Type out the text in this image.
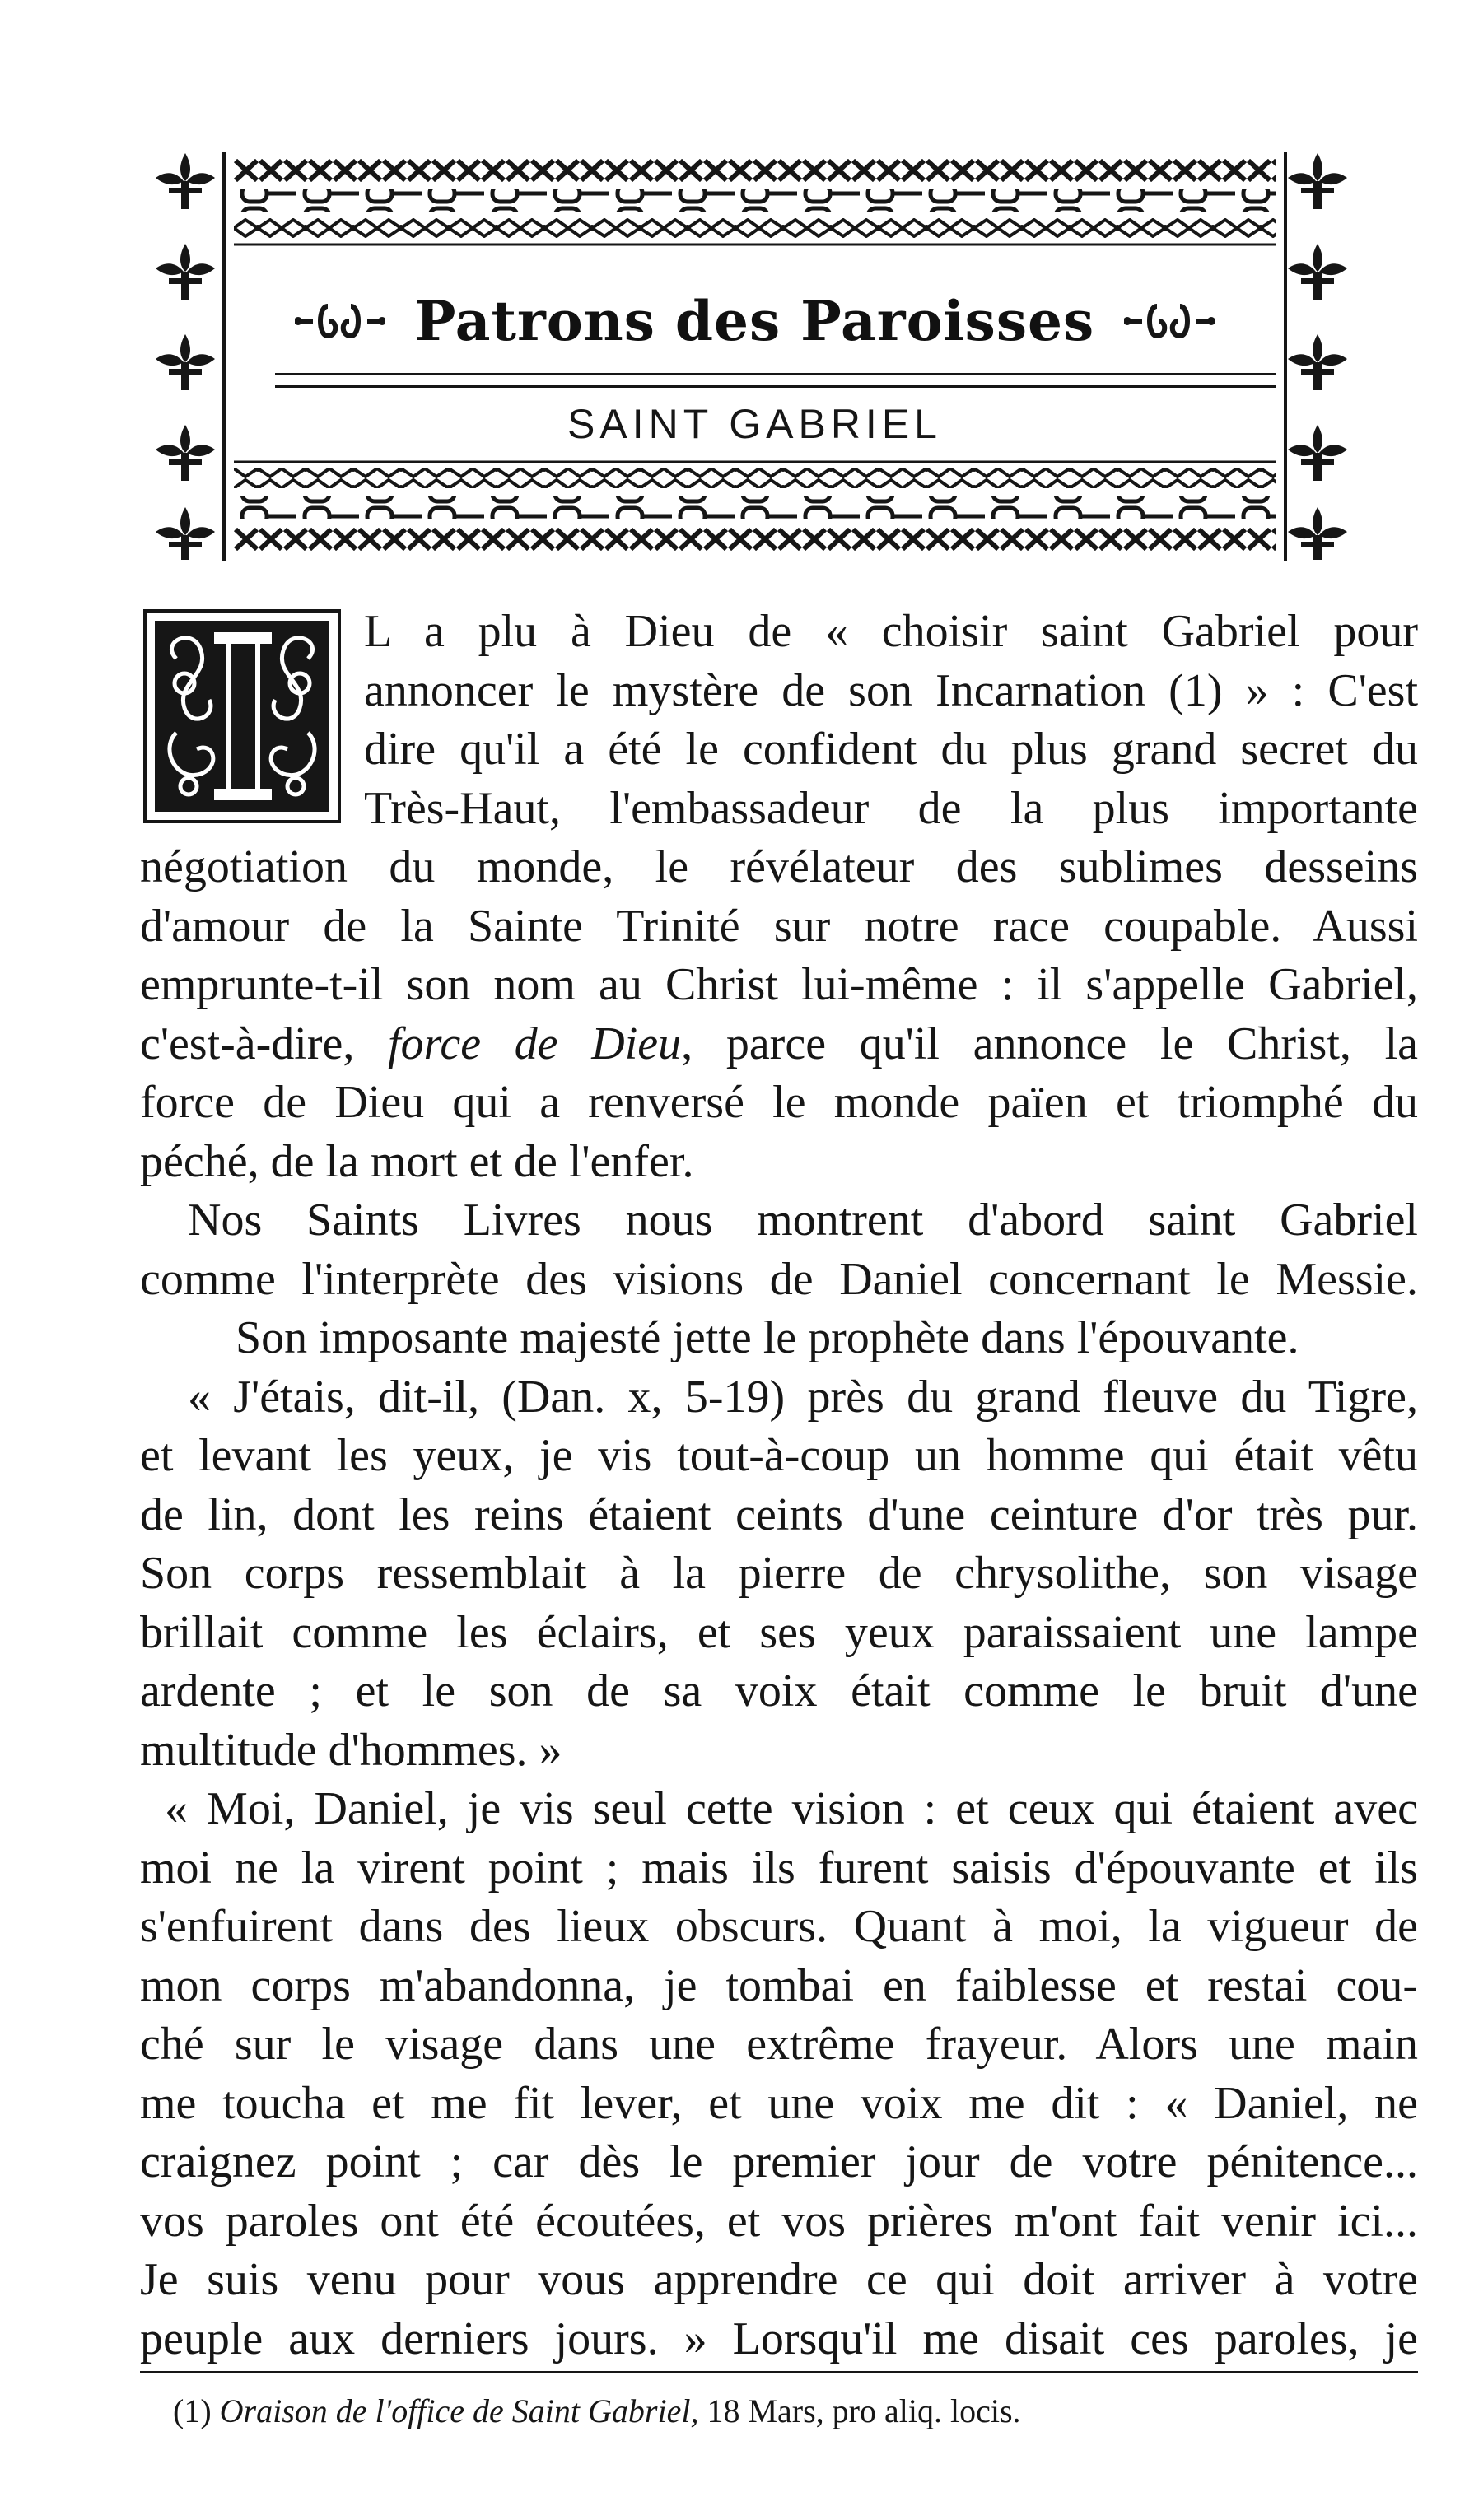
Patrons des Paroisses
SAINT GABRIEL
I

L a plu à Dieu de « choisir saint Gabriel pour
annoncer le mystère de son Incarnation (1) » : C'est
dire qu'il a été le confident du plus grand secret du
Très-Haut, l'embassadeur de la plus importante
négotiation du monde, le révélateur des sublimes desseins
d'amour de la Sainte Trinité sur notre race coupable. Aussi
emprunte-t-il son nom au Christ lui-même : il s'appelle Gabriel,
c'est-à-dire, force de Dieu, parce qu'il annonce le Christ, la
force de Dieu qui a renversé le monde païen et triomphé du
péché, de la mort et de l'enfer.

Nos Saints Livres nous montrent d'abord saint Gabriel
comme l'interprète des visions de Daniel concernant le Messie.

Son imposante majesté jette le prophète dans l'épouvante.

« J'étais, dit-il, (Dan. x, 5-19) près du grand fleuve du Tigre,
et levant les yeux, je vis tout-à-coup un homme qui était vêtu
de lin, dont les reins étaient ceints d'une ceinture d'or très pur.
Son corps ressemblait à la pierre de chrysolithe, son visage
brillait comme les éclairs, et ses yeux paraissaient une lampe
ardente ; et le son de sa voix était comme le bruit d'une
multitude d'hommes. »

« Moi, Daniel, je vis seul cette vision : et ceux qui étaient avec
moi ne la virent point ; mais ils furent saisis d'épouvante et ils
s'enfuirent dans des lieux obscurs. Quant à moi, la vigueur de
mon corps m'abandonna, je tombai en faiblesse et restai cou-
ché sur le visage dans une extrême frayeur. Alors une main
me toucha et me fit lever, et une voix me dit : « Daniel, ne
craignez point ; car dès le premier jour de votre pénitence...
vos paroles ont été écoutées, et vos prières m'ont fait venir ici...
Je suis venu pour vous apprendre ce qui doit arriver à votre
peuple aux derniers jours. » Lorsqu'il me disait ces paroles, je

(1) Oraison de l'office de Saint Gabriel, 18 Mars, pro aliq. locis.
